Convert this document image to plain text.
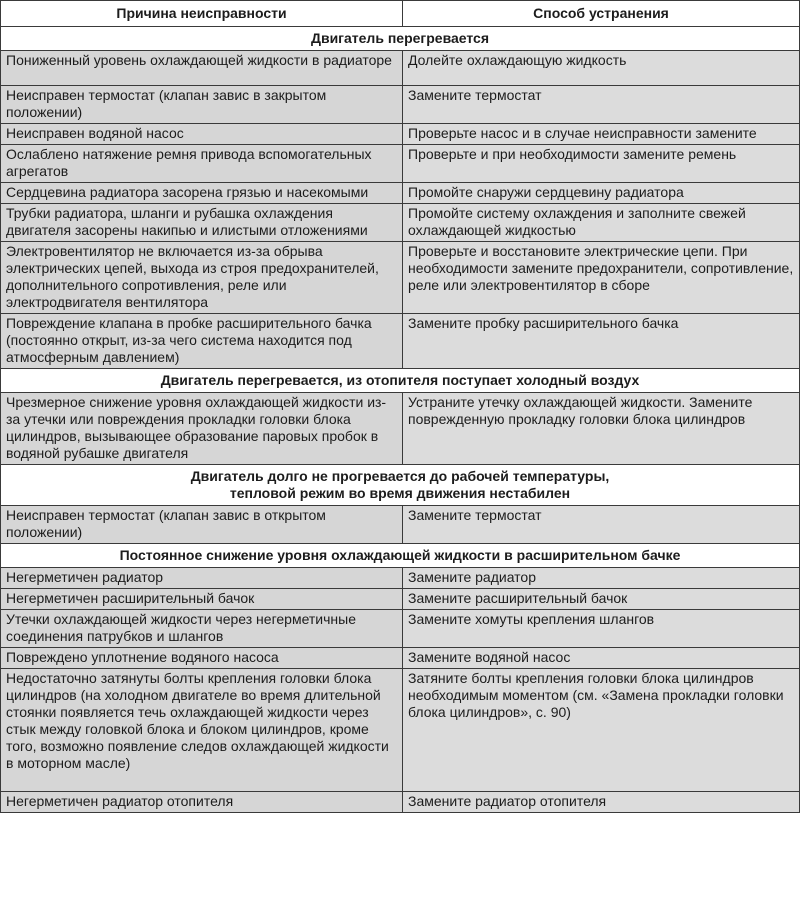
Причина неисправности	Способ устранения

Двигатель перегревается	

Пониженный уровень охлаждающей жидкости в радиаторе	Долейте охлаждающую жидкость
Неисправен термостат (клапан завис в закрытом положении)	Замените термостат
Неисправен водяной насос	Проверьте насос и в случае неисправности замените
Ослаблено натяжение ремня привода вспомогательных агрегатов	Проверьте и при необходимости замените ремень
Сердцевина радиатора засорена грязью и насекомыми	Промойте снаружи сердцевину радиатора
Трубки радиатора, шланги и рубашка охлаждения двигателя засорены накипью и илистыми отложениями	Промойте систему охлаждения и заполните свежей охлаждающей жидкостью
Электровентилятор не включается из-за обрыва электрических цепей, выхода из строя предохранителей, дополнительного сопротивления, реле или электродвигателя вентилятора	Проверьте и восстановите электрические цепи. При необходимости замените предохранители, сопротивление, реле или электровентилятор в сборе
Повреждение клапана в пробке расширительного бачка (постоянно открыт, из-за чего система находится под атмосферным давлением)	Замените пробку расширительного бачка

Двигатель перегревается, из отопителя поступает холодный воздух	

Чрезмерное снижение уровня охлаждающей жидкости из-за утечки или повреждения прокладки головки блока цилиндров, вызывающее образование паровых пробок в водяной рубашке двигателя	Устраните утечку охлаждающей жидкости. Замените поврежденную прокладку головки блока цилиндров

Двигатель долго не прогревается до рабочей температуры,
тепловой режим во время движения нестабилен	

Неисправен термостат (клапан завис в открытом положении)	Замените термостат

Постоянное снижение уровня охлаждающей жидкости в расширительном бачке	

Негерметичен радиатор	Замените радиатор
Негерметичен расширительный бачок	Замените расширительный бачок
Утечки охлаждающей жидкости через негерметичные соединения патрубков и шлангов	Замените хомуты крепления шлангов
Повреждено уплотнение водяного насоса	Замените водяной насос
Недостаточно затянуты болты крепления головки блока цилиндров (на холодном двигателе во время длительной стоянки появляется течь охлаждающей жидкости через стык между головкой блока и блоком цилиндров, кроме того, возможно появление следов охлаждающей жидкости в моторном масле)	Затяните болты крепления головки блока цилиндров необходимым моментом (см. «Замена прокладки головки блока цилиндров», с. 90)
Негерметичен радиатор отопителя	Замените радиатор отопителя
